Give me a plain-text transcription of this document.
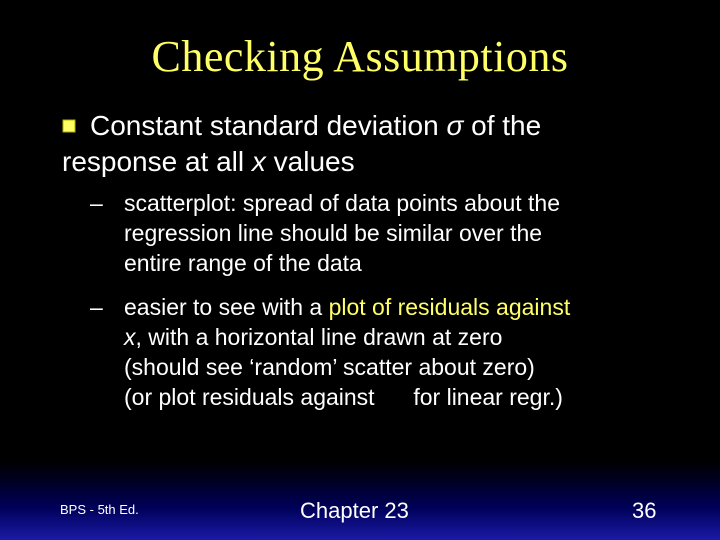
Checking Assumptions
Constant standard deviation σ of the
response at all x values
– scatterplot: spread of data points about the
regression line should be similar over the
entire range of the data
– easier to see with a plot of residuals against
x, with a horizontal line drawn at zero
(should see ‘random’ scatter about zero)
(or plot residuals against  for linear regr.)
BPS - 5th Ed.	Chapter 23	36
